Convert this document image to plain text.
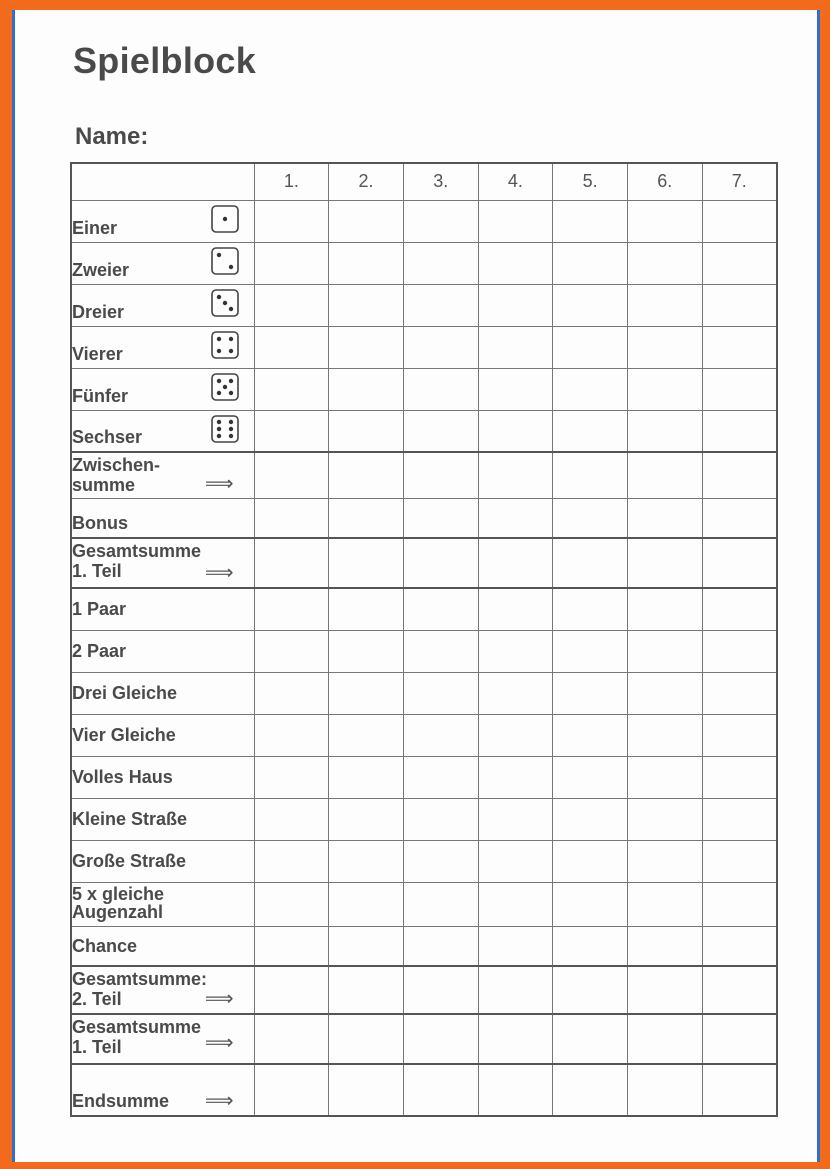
Spielblock
Name:
	1.	2.	3.	4.	5.	6.	7.
Einer

Zweier

Dreier

Vierer

Fünfer

Sechser

Zwischen-
summe ⟹							

Bonus							
Gesamtsumme
1. Teil ⟹							

1 Paar							
2 Paar							
Drei Gleiche							
Vier Gleiche							
Volles Haus							
Kleine Straße							
Große Straße							
5 x gleiche
Augenzahl							
Chance							
Gesamtsumme:
2. Teil ⟹							

Gesamtsumme
1. Teil ⟹							

Endsumme ⟹							
